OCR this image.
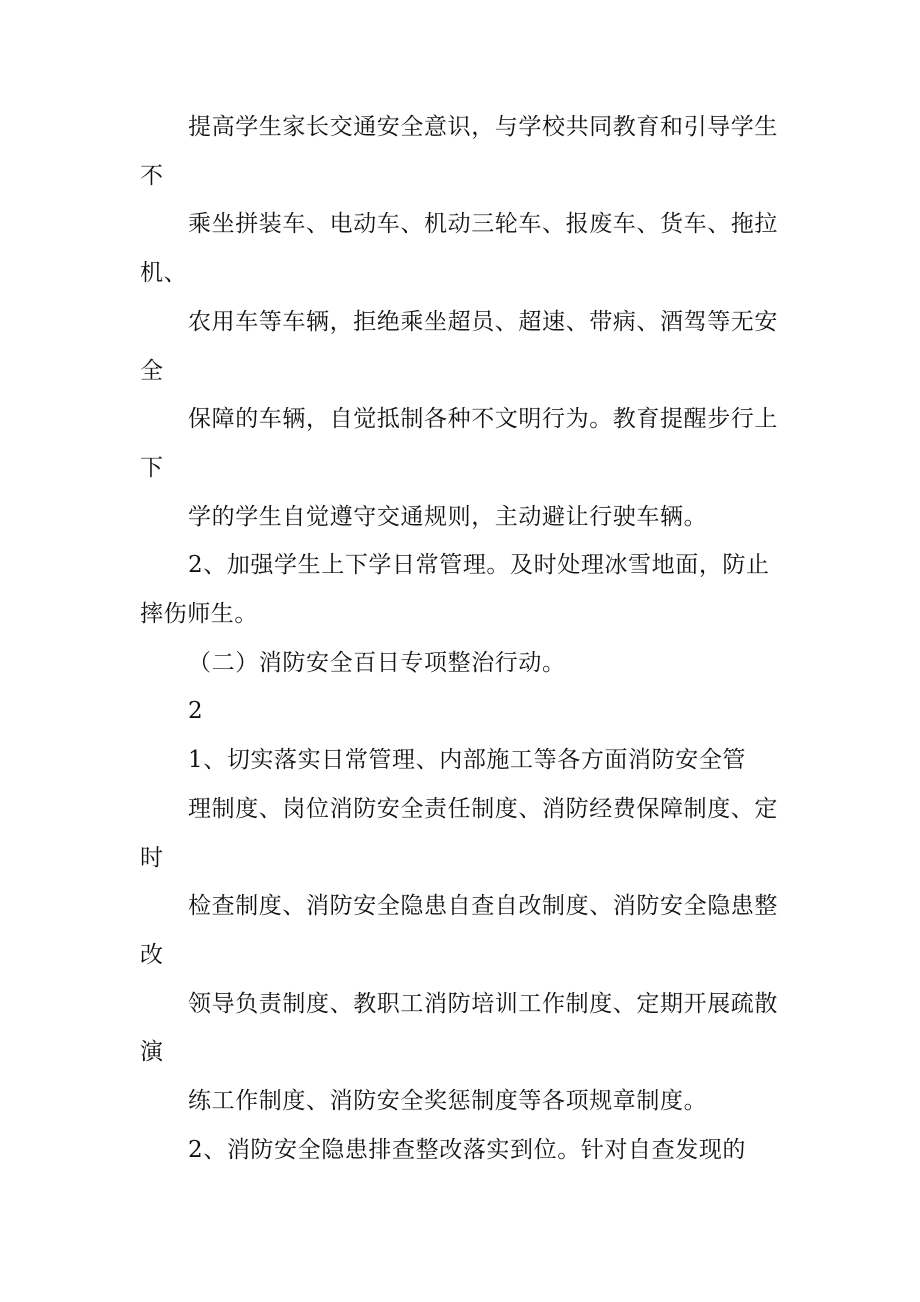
提高学生家长交通安全意识，与学校共同教育和引导学生不

乘坐拼装车、电动车、机动三轮车、报废车、货车、拖拉机、

农用车等车辆，拒绝乘坐超员、超速、带病、酒驾等无安全

保障的车辆，自觉抵制各种不文明行为。教育提醒步行上下

学的学生自觉遵守交通规则，主动避让行驶车辆。

2、加强学生上下学日常管理。及时处理冰雪地面，防止摔伤师生。

（二）消防安全百日专项整治行动。

2

1、切实落实日常管理、内部施工等各方面消防安全管

理制度、岗位消防安全责任制度、消防经费保障制度、定时

检查制度、消防安全隐患自查自改制度、消防安全隐患整改

领导负责制度、教职工消防培训工作制度、定期开展疏散演

练工作制度、消防安全奖惩制度等各项规章制度。

2、消防安全隐患排查整改落实到位。针对自查发现的
